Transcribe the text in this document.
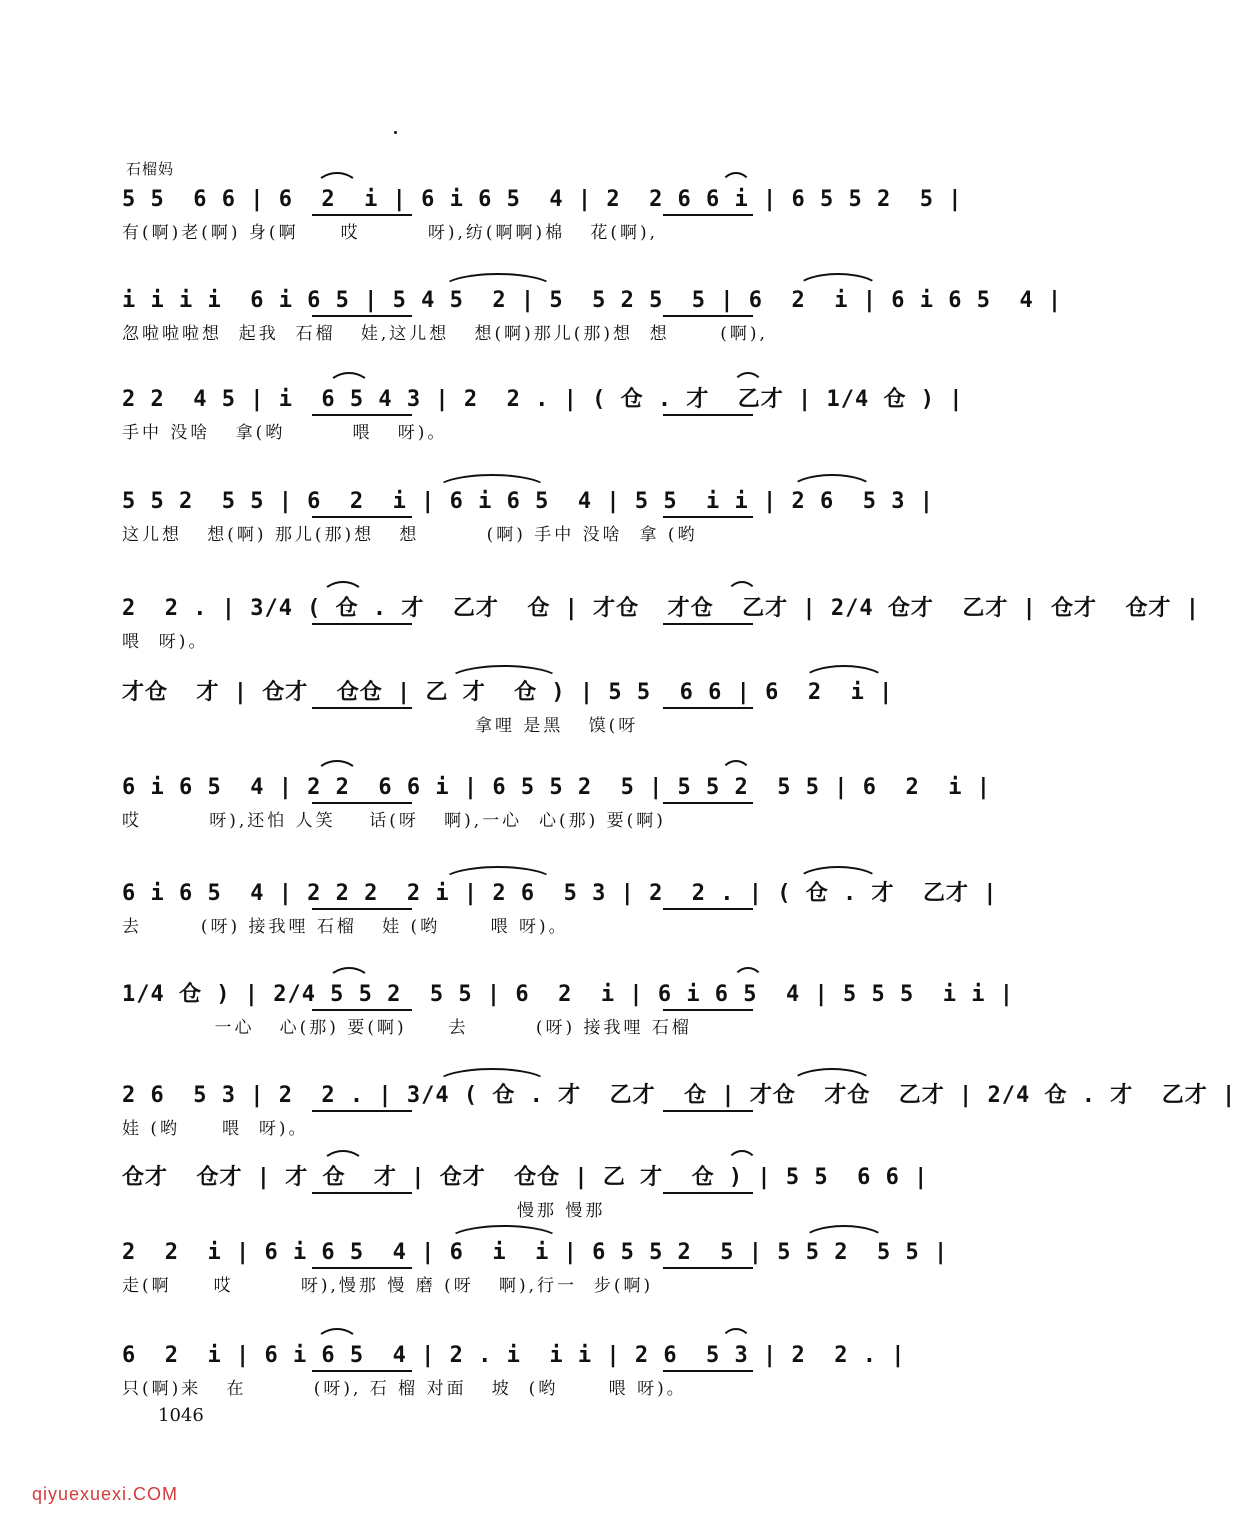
石榴妈
5 5  6 6 | 6  2  i | 6 i 6 5  4 | 2  2 6 6 i | 6 5 5 2  5 |
有(啊)老(啊) 身(啊     哎        呀),纺(啊啊)棉   花(啊),
i i i i  6 i 6 5 | 5 4 5  2 | 5  5 2 5  5 | 6  2  i | 6 i 6 5  4 |
忽啦啦啦想  起我  石榴   娃,这儿想   想(啊)那儿(那)想  想      (啊),
2 2  4 5 | i  6 5 4 3 | 2  2 . | ( 仓 . 才  乙才 | 1/4 仓 ) |
手中 没啥   拿(哟        喂   呀)。
5 5 2  5 5 | 6  2  i | 6 i 6 5  4 | 5 5  i i | 2 6  5 3 |
这儿想   想(啊) 那儿(那)想   想        (啊) 手中 没啥  拿 (哟
2  2 . | 3/4 ( 仓 . 才  乙才  仓 | 才仓  才仓  乙才 | 2/4 仓才  乙才 | 仓才  仓才 |
喂  呀)。
才仓  才 | 仓才  仓仓 | 乙 才  仓 ) | 5 5  6 6 | 6  2  i |
拿哩 是黑   馍(呀
6 i 6 5  4 | 2 2  6 6 i | 6 5 5 2  5 | 5 5 2  5 5 | 6  2  i |
哎        呀),还怕 人笑    话(呀   啊),一心  心(那) 要(啊)
6 i 6 5  4 | 2 2 2  2 i | 2 6  5 3 | 2  2 . | ( 仓 . 才  乙才 |
去       (呀) 接我哩 石榴   娃 (哟      喂 呀)。
1/4 仓 ) | 2/4 5 5 2  5 5 | 6  2  i | 6 i 6 5  4 | 5 5 5  i i |
一心   心(那) 要(啊)     去        (呀) 接我哩 石榴
2 6  5 3 | 2  2 . | 3/4 ( 仓 . 才  乙才  仓 | 才仓  才仓  乙才 | 2/4 仓 . 才  乙才 |
娃 (哟     喂  呀)。
仓才  仓才 | 才 仓  才 | 仓才  仓仓 | 乙 才  仓 ) | 5 5  6 6 |
慢那 慢那
2  2  i | 6 i 6 5  4 | 6  i  i | 6 5 5 2  5 | 5 5 2  5 5 |
走(啊     哎        呀),慢那 慢 磨 (呀   啊),行一  步(啊)
6  2  i | 6 i 6 5  4 | 2 . i  i i | 2 6  5 3 | 2  2 . |
只(啊)来   在        (呀), 石 榴 对面   坡  (哟      喂 呀)。
1046
qiyuexuexi.COM
